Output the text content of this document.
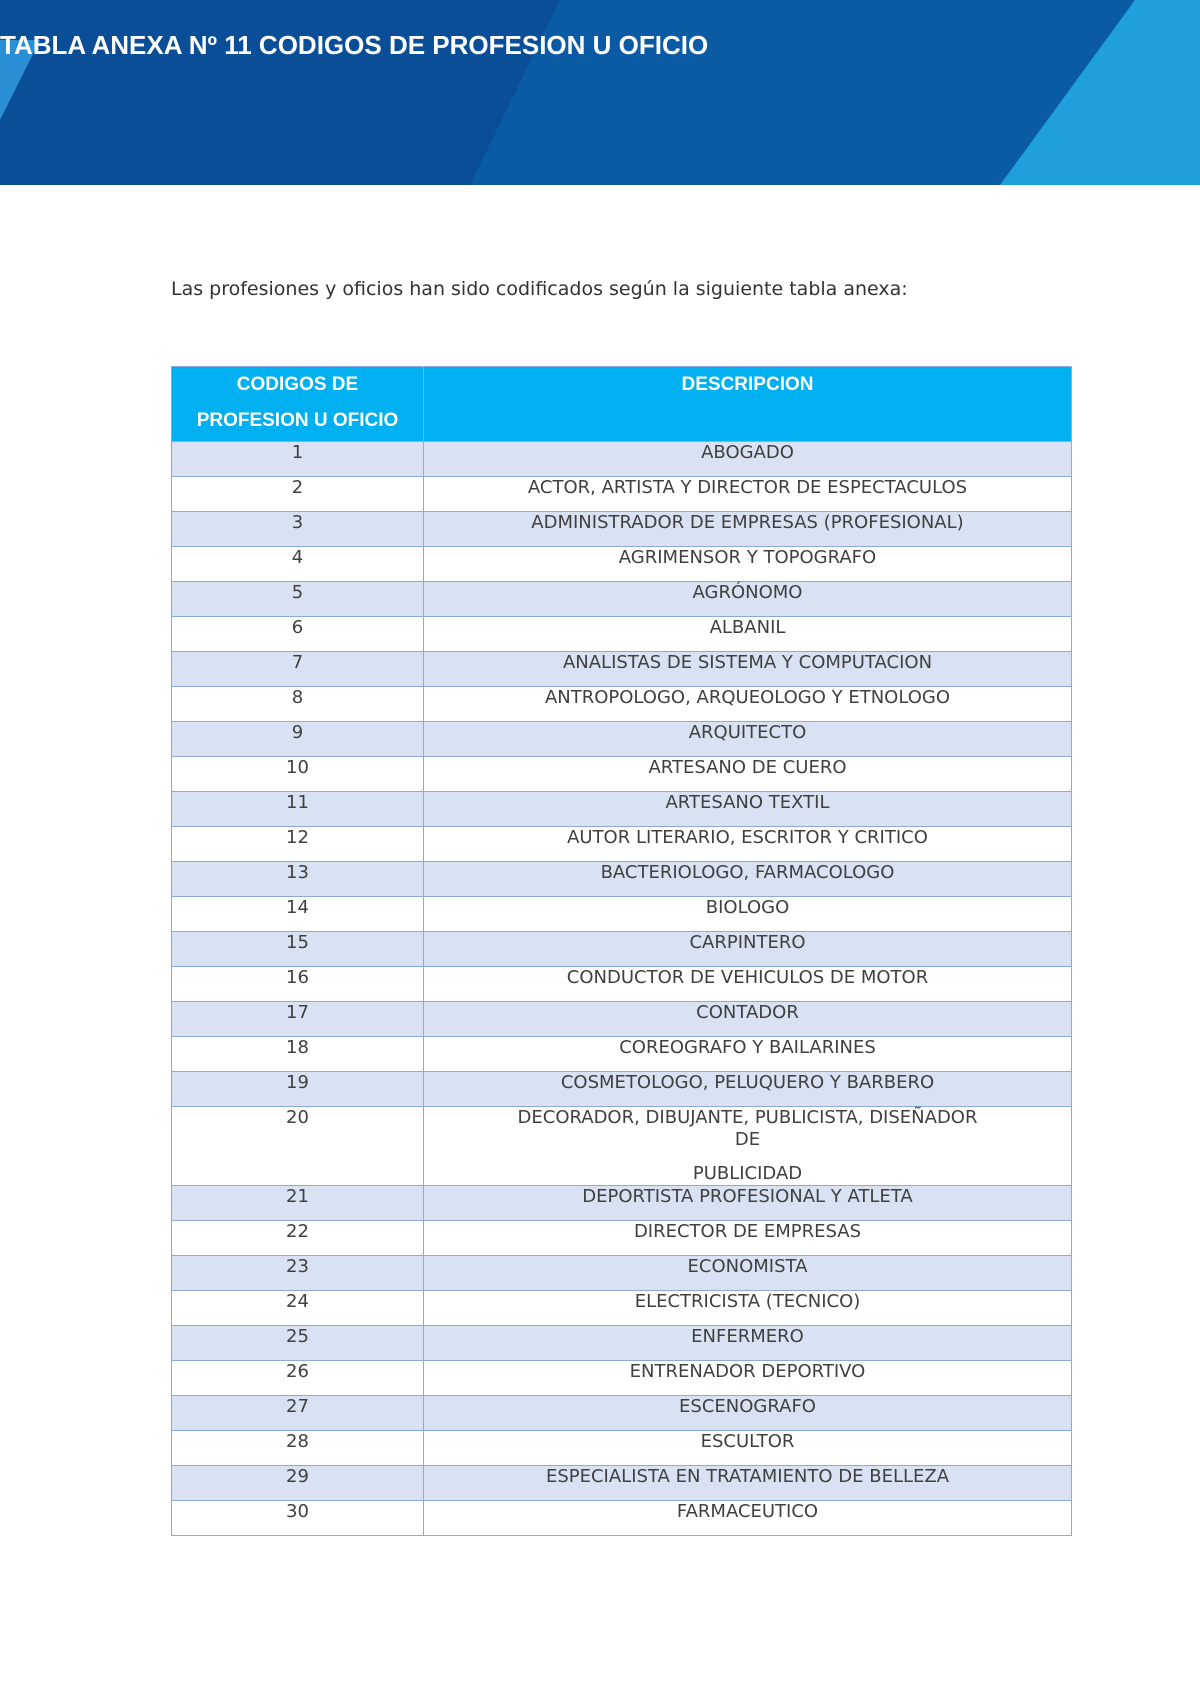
TABLA ANEXA Nº 11 CODIGOS DE PROFESION U OFICIO

Las profesiones y oficios han sido codificados según la siguiente tabla anexa:

CODIGOS DE
PROFESION U OFICIO	DESCRIPCION
1	ABOGADO
2	ACTOR, ARTISTA Y DIRECTOR DE ESPECTACULOS
3	ADMINISTRADOR DE EMPRESAS (PROFESIONAL)
4	AGRIMENSOR Y TOPOGRAFO
5	AGRÓNOMO
6	ALBANIL
7	ANALISTAS DE SISTEMA Y COMPUTACION
8	ANTROPOLOGO, ARQUEOLOGO Y ETNOLOGO
9	ARQUITECTO
10	ARTESANO DE CUERO
11	ARTESANO TEXTIL
12	AUTOR LITERARIO, ESCRITOR Y CRITICO
13	BACTERIOLOGO, FARMACOLOGO
14	BIOLOGO
15	CARPINTERO
16	CONDUCTOR DE VEHICULOS DE MOTOR
17	CONTADOR
18	COREOGRAFO Y BAILARINES
19	COSMETOLOGO, PELUQUERO Y BARBERO
20	DECORADOR, DIBUJANTE, PUBLICISTA, DISEÑADOR
DE
PUBLICIDAD

21	DEPORTISTA PROFESIONAL Y ATLETA
22	DIRECTOR DE EMPRESAS
23	ECONOMISTA
24	ELECTRICISTA (TECNICO)
25	ENFERMERO
26	ENTRENADOR DEPORTIVO
27	ESCENOGRAFO
28	ESCULTOR
29	ESPECIALISTA EN TRATAMIENTO DE BELLEZA
30	FARMACEUTICO
